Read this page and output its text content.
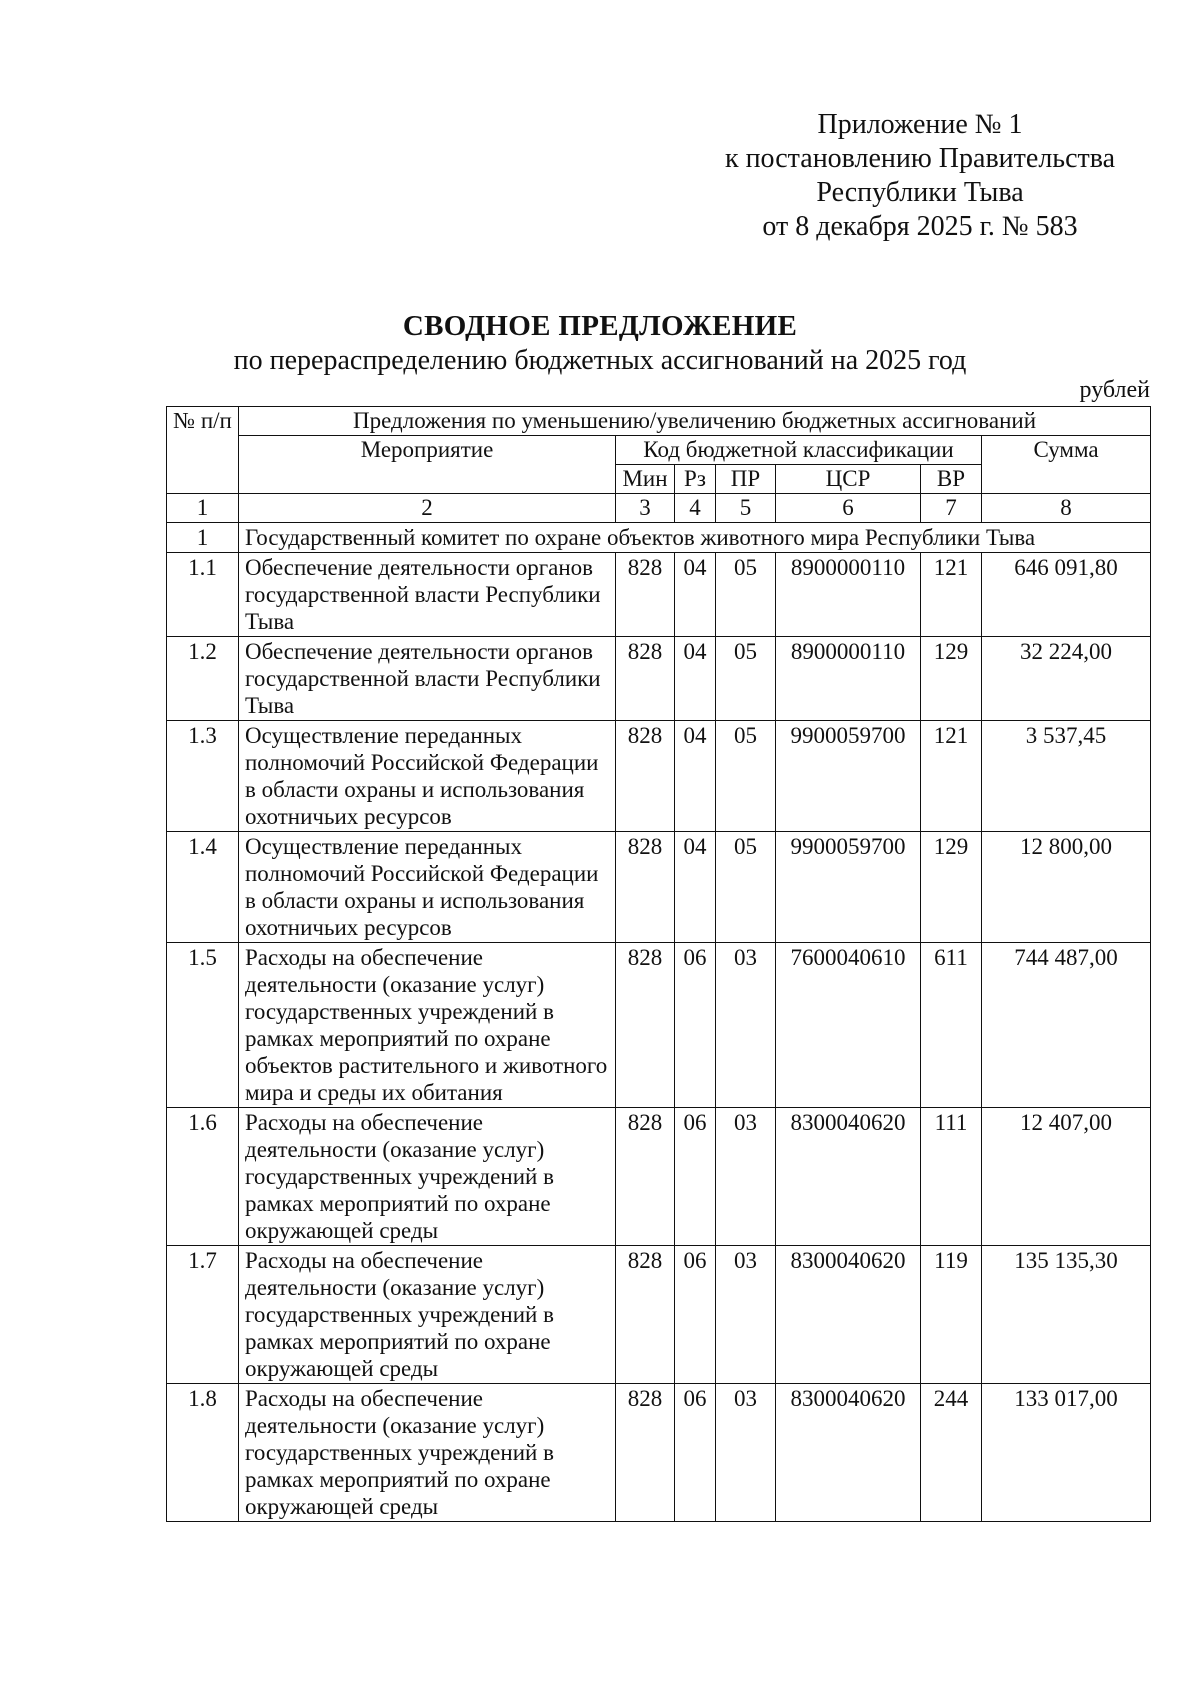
Приложение № 1
к постановлению Правительства
Республики Тыва
от 8 декабря 2025 г. № 583
СВОДНОЕ ПРЕДЛОЖЕНИЕ
по перераспределению бюджетных ассигнований на 2025 год
рублей
№ п/п	Предложения по уменьшению/увеличению бюджетных ассигнований						
	Мероприятие	Код бюджетной классификации					Сумма
		Мин	Рз	ПР	ЦСР	ВР	
1	2	3	4	5	6	7	8
1	Государственный комитет по охране объектов животного мира Республики Тыва						
1.1	Обеспечение деятельности органов государственной власти Республики Тыва	828	04	05	8900000110	121	646 091,80
1.2	Обеспечение деятельности органов государственной власти Республики Тыва	828	04	05	8900000110	129	32 224,00
1.3	Осуществление переданных полномочий Российской Федерации в области охраны и использования охотничьих ресурсов	828	04	05	9900059700	121	3 537,45
1.4	Осуществление переданных полномочий Российской Федерации в области охраны и использования охотничьих ресурсов	828	04	05	9900059700	129	12 800,00
1.5	Расходы на обеспечение деятельности (оказание услуг) государственных учреждений в рамках мероприятий по охране объектов растительного и животного мира и среды их обитания	828	06	03	7600040610	611	744 487,00
1.6	Расходы на обеспечение деятельности (оказание услуг) государственных учреждений в рамках мероприятий по охране окружающей среды	828	06	03	8300040620	111	12 407,00
1.7	Расходы на обеспечение деятельности (оказание услуг) государственных учреждений в рамках мероприятий по охране окружающей среды	828	06	03	8300040620	119	135 135,30
1.8	Расходы на обеспечение деятельности (оказание услуг) государственных учреждений в рамках мероприятий по охране окружающей среды	828	06	03	8300040620	244	133 017,00
